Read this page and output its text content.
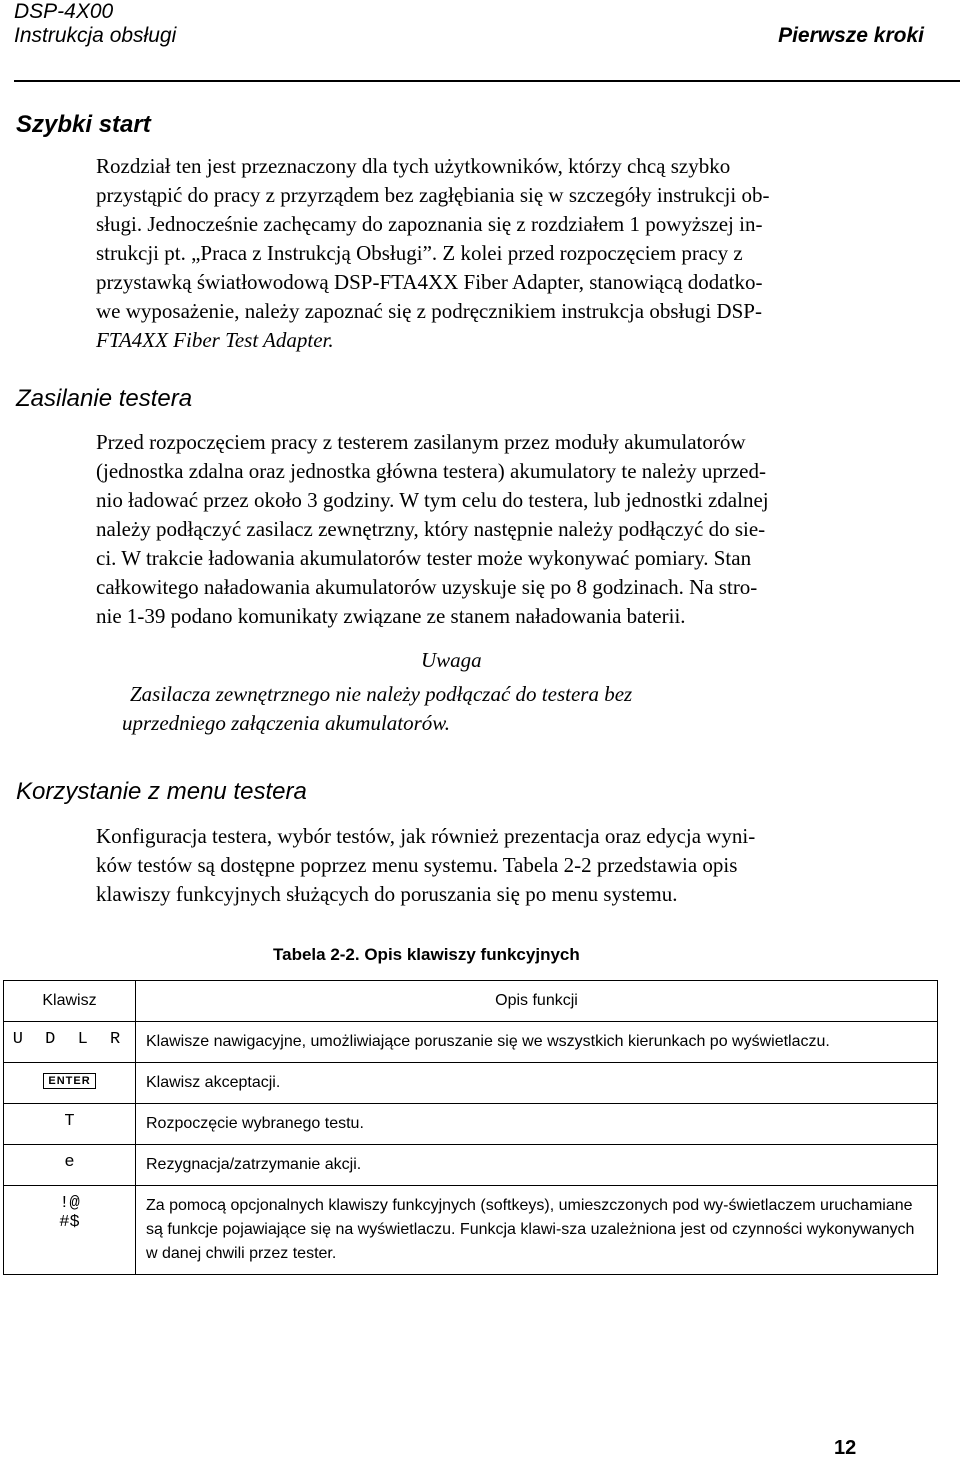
DSP-4X00
Instrukcja obsługi	Pierwsze kroki
Szybki start
Rozdział ten jest przeznaczony dla tych użytkowników, którzy chcą szybko
przystąpić do pracy z przyrządem bez zagłębiania się w szczegóły instrukcji ob-
sługi. Jednocześnie zachęcamy do zapoznania się z rozdziałem 1 powyższej in-
strukcji pt. „Praca z Instrukcją Obsługi”. Z kolei przed rozpoczęciem pracy z
przystawką światłowodową DSP-FTA4XX Fiber Adapter, stanowiącą dodatko-
we wyposażenie, należy zapoznać się z podręcznikiem instrukcja obsługi DSP-
FTA4XX Fiber Test Adapter.
Zasilanie testera
Przed rozpoczęciem pracy z testerem zasilanym przez moduły akumulatorów
(jednostka zdalna oraz jednostka główna testera) akumulatory te należy uprzed-
nio ładować przez około 3 godziny. W tym celu do testera, lub jednostki zdalnej
należy podłączyć zasilacz zewnętrzny, który następnie należy podłączyć do sie-
ci. W trakcie ładowania akumulatorów tester może wykonywać pomiary. Stan
całkowitego naładowania akumulatorów uzyskuje się po 8 godzinach. Na stro-
nie 1-39 podano komunikaty związane ze stanem naładowania baterii.
Uwaga
Zasilacza zewnętrznego nie należy podłączać do testera bez
uprzedniego załączenia akumulatorów.
Korzystanie z menu testera
Konfiguracja testera, wybór testów, jak również prezentacja oraz edycja wyni-
ków testów są dostępne poprzez menu systemu. Tabela 2-2 przedstawia opis
klawiszy funkcyjnych służących do poruszania się po menu systemu.
Tabela 2-2. Opis klawiszy funkcyjnych
Klawisz	Opis funkcji
U D L R	Klawisze nawigacyjne, umożliwiające poruszanie się we wszystkich kierunkach po wyświetlaczu.
ENTER	Klawisz akceptacji.
T	Rozpoczęcie wybranego testu.
e	Rezygnacja/zatrzymanie akcji.

!@
#$	Za pomocą opcjonalnych klawiszy funkcyjnych (softkeys), umieszczonych pod wy-świetlaczem uruchamiane są funkcje pojawiające się na wyświetlaczu. Funkcja klawi-sza uzależniona jest od czynności wykonywanych w danej chwili przez tester.
12
